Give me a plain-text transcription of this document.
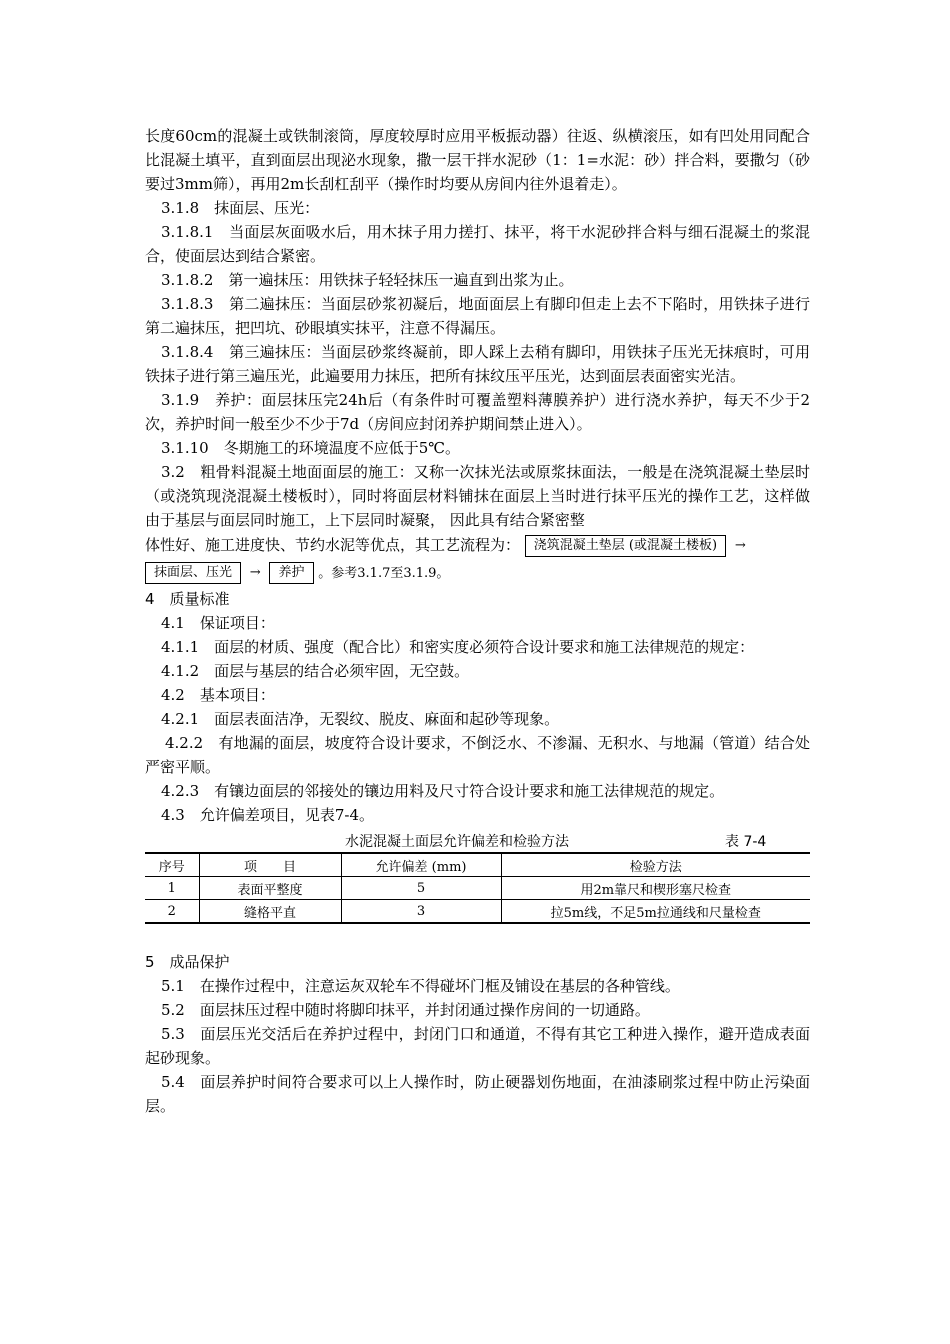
长度60cm的混凝土或铁制滚筒，厚度较厚时应用平板振动器）往返、纵横滚压，如有凹处用同配合比混凝土填平，直到面层出现泌水现象，撒一层干拌水泥砂（1：1=水泥：砂）拌合料，要撒匀（砂要过3mm筛），再用2m长刮杠刮平（操作时均要从房间内往外退着走）。

3.1.8　抹面层、压光：

3.1.8.1　当面层灰面吸水后，用木抹子用力搓打、抹平，将干水泥砂拌合料与细石混凝土的浆混合，使面层达到结合紧密。

3.1.8.2　第一遍抹压：用铁抹子轻轻抹压一遍直到出浆为止。

3.1.8.3　第二遍抹压：当面层砂浆初凝后，地面面层上有脚印但走上去不下陷时，用铁抹子进行第二遍抹压，把凹坑、砂眼填实抹平，注意不得漏压。

3.1.8.4　第三遍抹压：当面层砂浆终凝前，即人踩上去稍有脚印，用铁抹子压光无抹痕时，可用铁抹子进行第三遍压光，此遍要用力抹压，把所有抹纹压平压光，达到面层表面密实光洁。

3.1.9　养护：面层抹压完24h后（有条件时可覆盖塑料薄膜养护）进行浇水养护，每天不少于2次，养护时间一般至少不少于7d（房间应封闭养护期间禁止进入）。

3.1.10　冬期施工的环境温度不应低于5℃。

3.2　粗骨料混凝土地面面层的施工：又称一次抹光法或原浆抹面法，一般是在浇筑混凝土垫层时（或浇筑现浇混凝土楼板时），同时将面层材料铺抹在面层上当时进行抹平压光的操作工艺，这样做由于基层与面层同时施工，上下层同时凝聚， 因此具有结合紧密整

体性好、施工进度快、节约水泥等优点，其工艺流程为： 浇筑混凝土垫层 (或混凝土楼板) →
抹面层、压光 → 养护 。参考3.1.7至3.1.9。

4　质量标准

4.1　保证项目：

4.1.1　面层的材质、强度（配合比）和密实度必须符合设计要求和施工法律规范的规定：

4.1.2　面层与基层的结合必须牢固，无空鼓。

4.2　基本项目：

4.2.1　面层表面洁净，无裂纹、脱皮、麻面和起砂等现象。

4.2.2　有地漏的面层，坡度符合设计要求，不倒泛水、不渗漏、无积水、与地漏（管道）结合处严密平顺。

4.2.3　有镶边面层的邻接处的镶边用料及尺寸符合设计要求和施工法律规范的规定。

4.3　允许偏差项目，见表7-4。

水泥混凝土面层允许偏差和检验方法	表 7-4
序号	项　　目	允许偏差 (mm)	检验方法
1	表面平整度	5	用2m靠尺和楔形塞尺检查
2	缝格平直	3	拉5m线，不足5m拉通线和尺量检查

5　成品保护

5.1　在操作过程中，注意运灰双轮车不得碰坏门框及铺设在基层的各种管线。

5.2　面层抹压过程中随时将脚印抹平，并封闭通过操作房间的一切通路。

5.3　面层压光交活后在养护过程中，封闭门口和通道，不得有其它工种进入操作，避开造成表面起砂现象。

5.4　面层养护时间符合要求可以上人操作时，防止硬器划伤地面，在油漆刷浆过程中防止污染面层。
